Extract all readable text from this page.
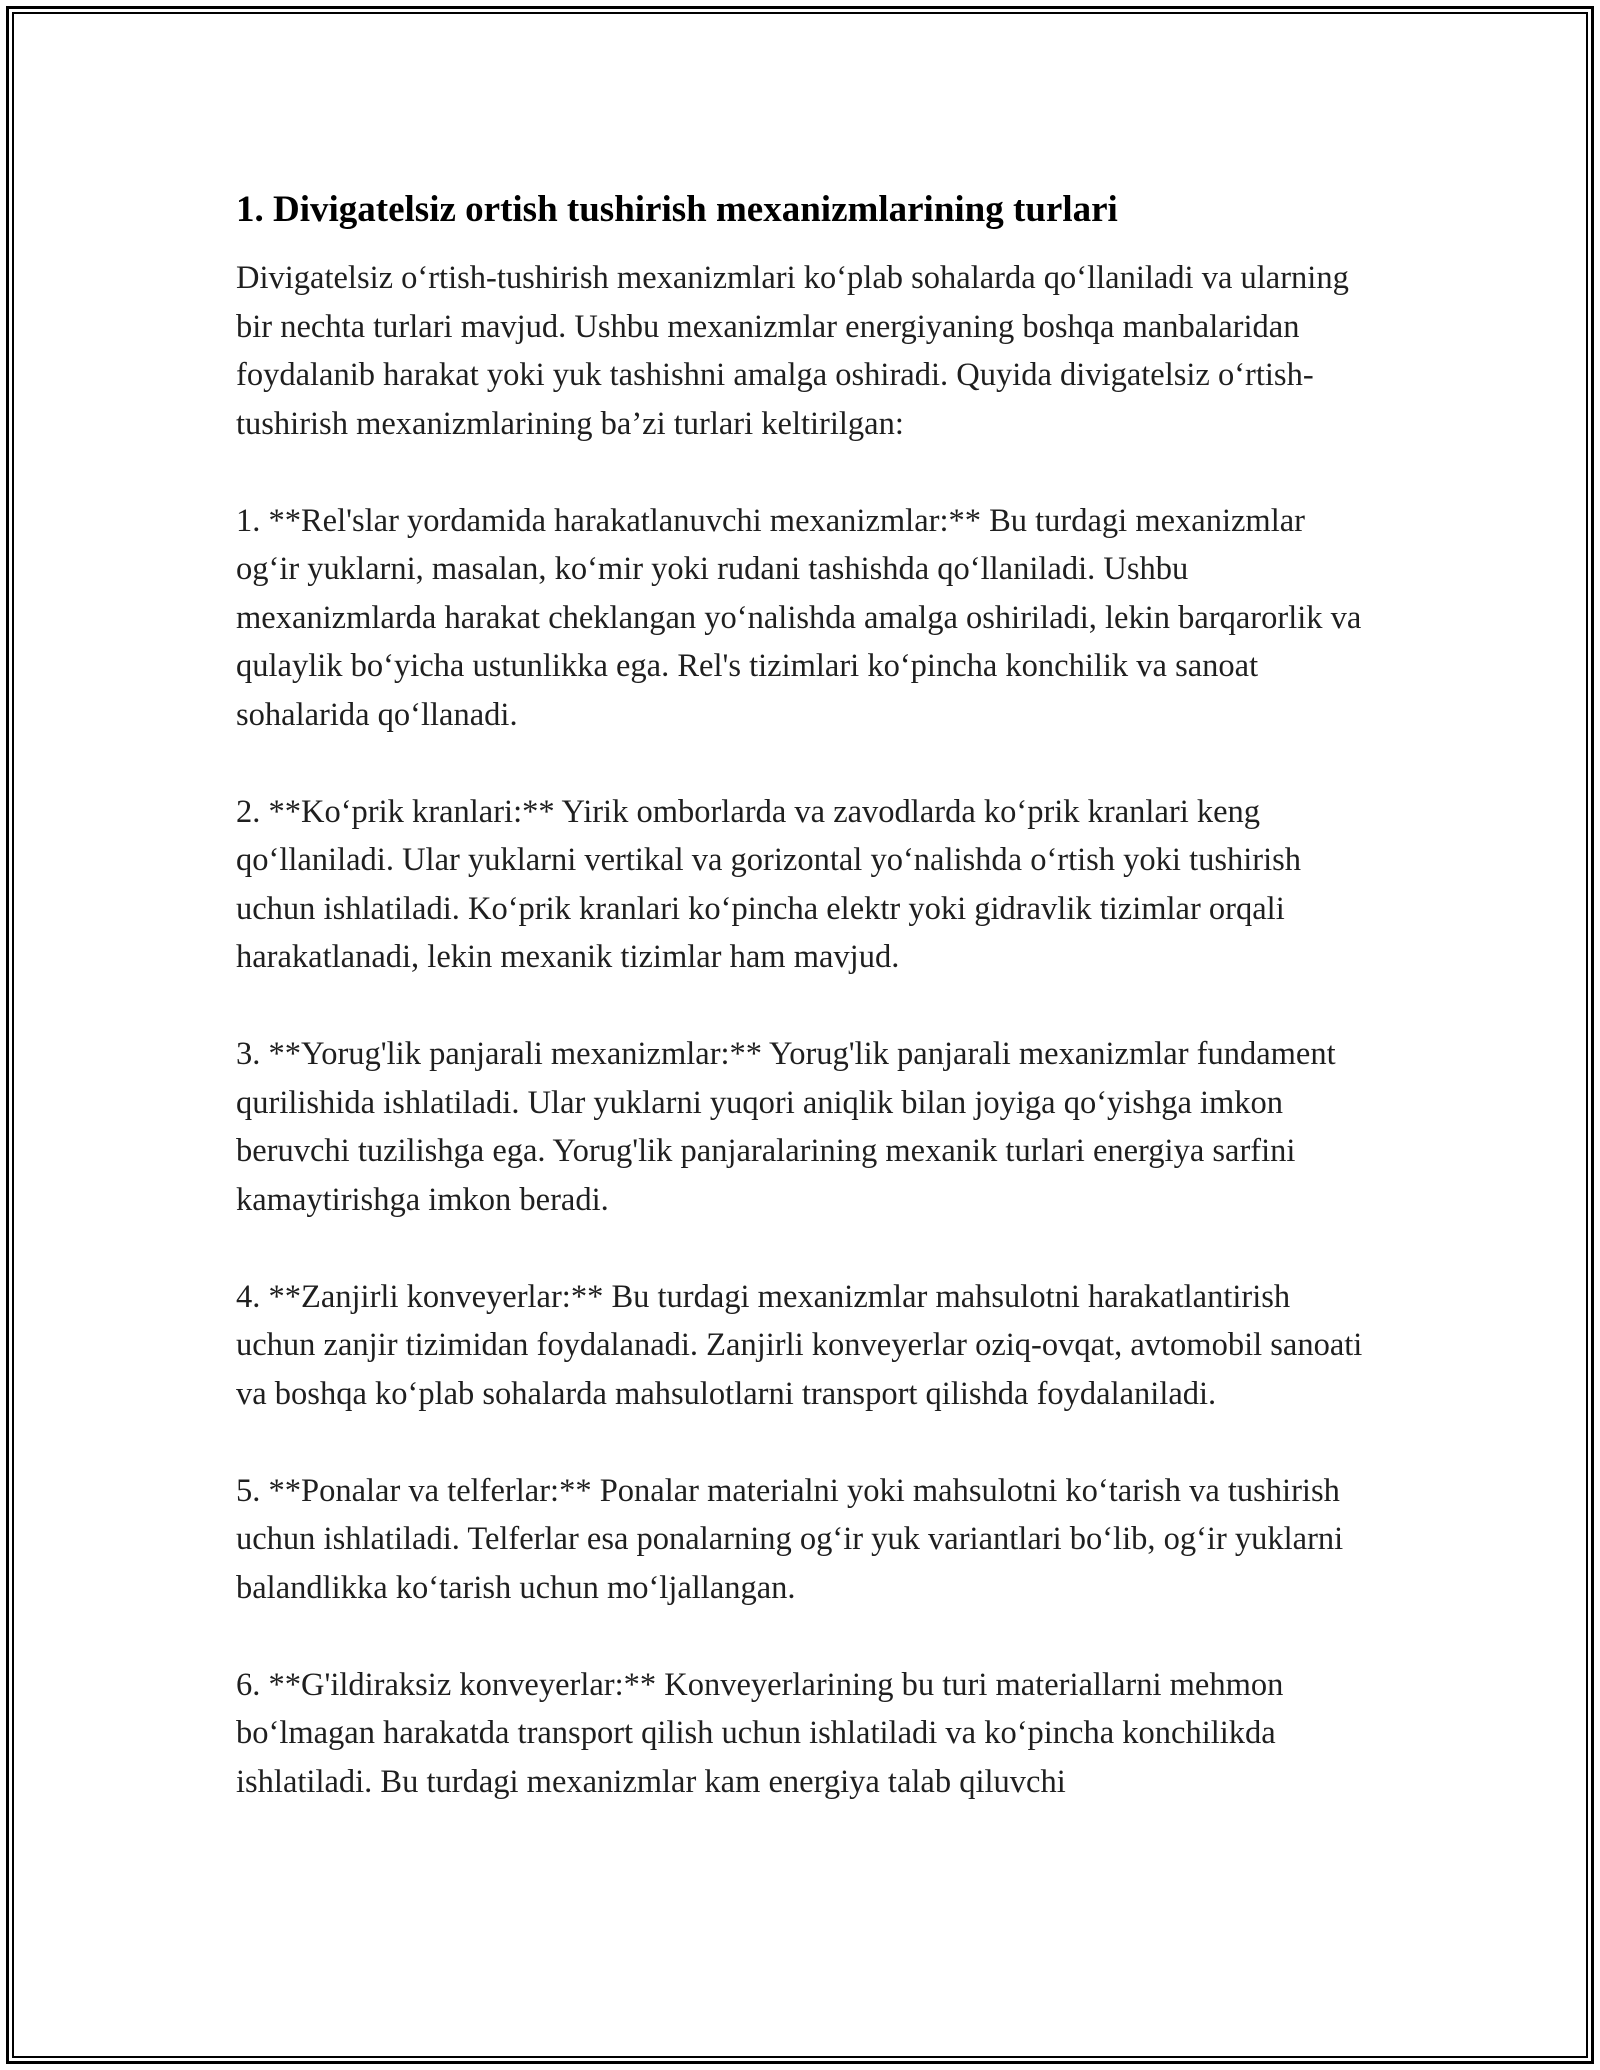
1. Divigatelsiz ortish tushirish mexanizmlarining turlari

Divigatelsiz o‘rtish-tushirish mexanizmlari ko‘plab sohalarda qo‘llaniladi va ularning bir nechta turlari mavjud. Ushbu mexanizmlar energiyaning boshqa manbalaridan foydalanib harakat yoki yuk tashishni amalga oshiradi. Quyida divigatelsiz o‘rtish-tushirish mexanizmlarining ba’zi turlari keltirilgan:

1. **Rel'slar yordamida harakatlanuvchi mexanizmlar:** Bu turdagi mexanizmlar og‘ir yuklarni, masalan, ko‘mir yoki rudani tashishda qo‘llaniladi. Ushbu mexanizmlarda harakat cheklangan yo‘nalishda amalga oshiriladi, lekin barqarorlik va qulaylik bo‘yicha ustunlikka ega. Rel's tizimlari ko‘pincha konchilik va sanoat sohalarida qo‘llanadi.

2. **Ko‘prik kranlari:** Yirik omborlarda va zavodlarda ko‘prik kranlari keng qo‘llaniladi. Ular yuklarni vertikal va gorizontal yo‘nalishda o‘rtish yoki tushirish uchun ishlatiladi. Ko‘prik kranlari ko‘pincha elektr yoki gidravlik tizimlar orqali harakatlanadi, lekin mexanik tizimlar ham mavjud.

3. **Yorug'lik panjarali mexanizmlar:** Yorug'lik panjarali mexanizmlar fundament qurilishida ishlatiladi. Ular yuklarni yuqori aniqlik bilan joyiga qo‘yishga imkon beruvchi tuzilishga ega. Yorug'lik panjaralarining mexanik turlari energiya sarfini kamaytirishga imkon beradi.

4. **Zanjirli konveyerlar:** Bu turdagi mexanizmlar mahsulotni harakatlantirish uchun zanjir tizimidan foydalanadi. Zanjirli konveyerlar oziq-ovqat, avtomobil sanoati va boshqa ko‘plab sohalarda mahsulotlarni transport qilishda foydalaniladi.

5. **Ponalar va telferlar:** Ponalar materialni yoki mahsulotni ko‘tarish va tushirish uchun ishlatiladi. Telferlar esa ponalarning og‘ir yuk variantlari bo‘lib, og‘ir yuklarni balandlikka ko‘tarish uchun mo‘ljallangan.

6. **G'ildiraksiz konveyerlar:** Konveyerlarining bu turi materiallarni mehmon bo‘lmagan harakatda transport qilish uchun ishlatiladi va ko‘pincha konchilikda ishlatiladi. Bu turdagi mexanizmlar kam energiya talab qiluvchi
